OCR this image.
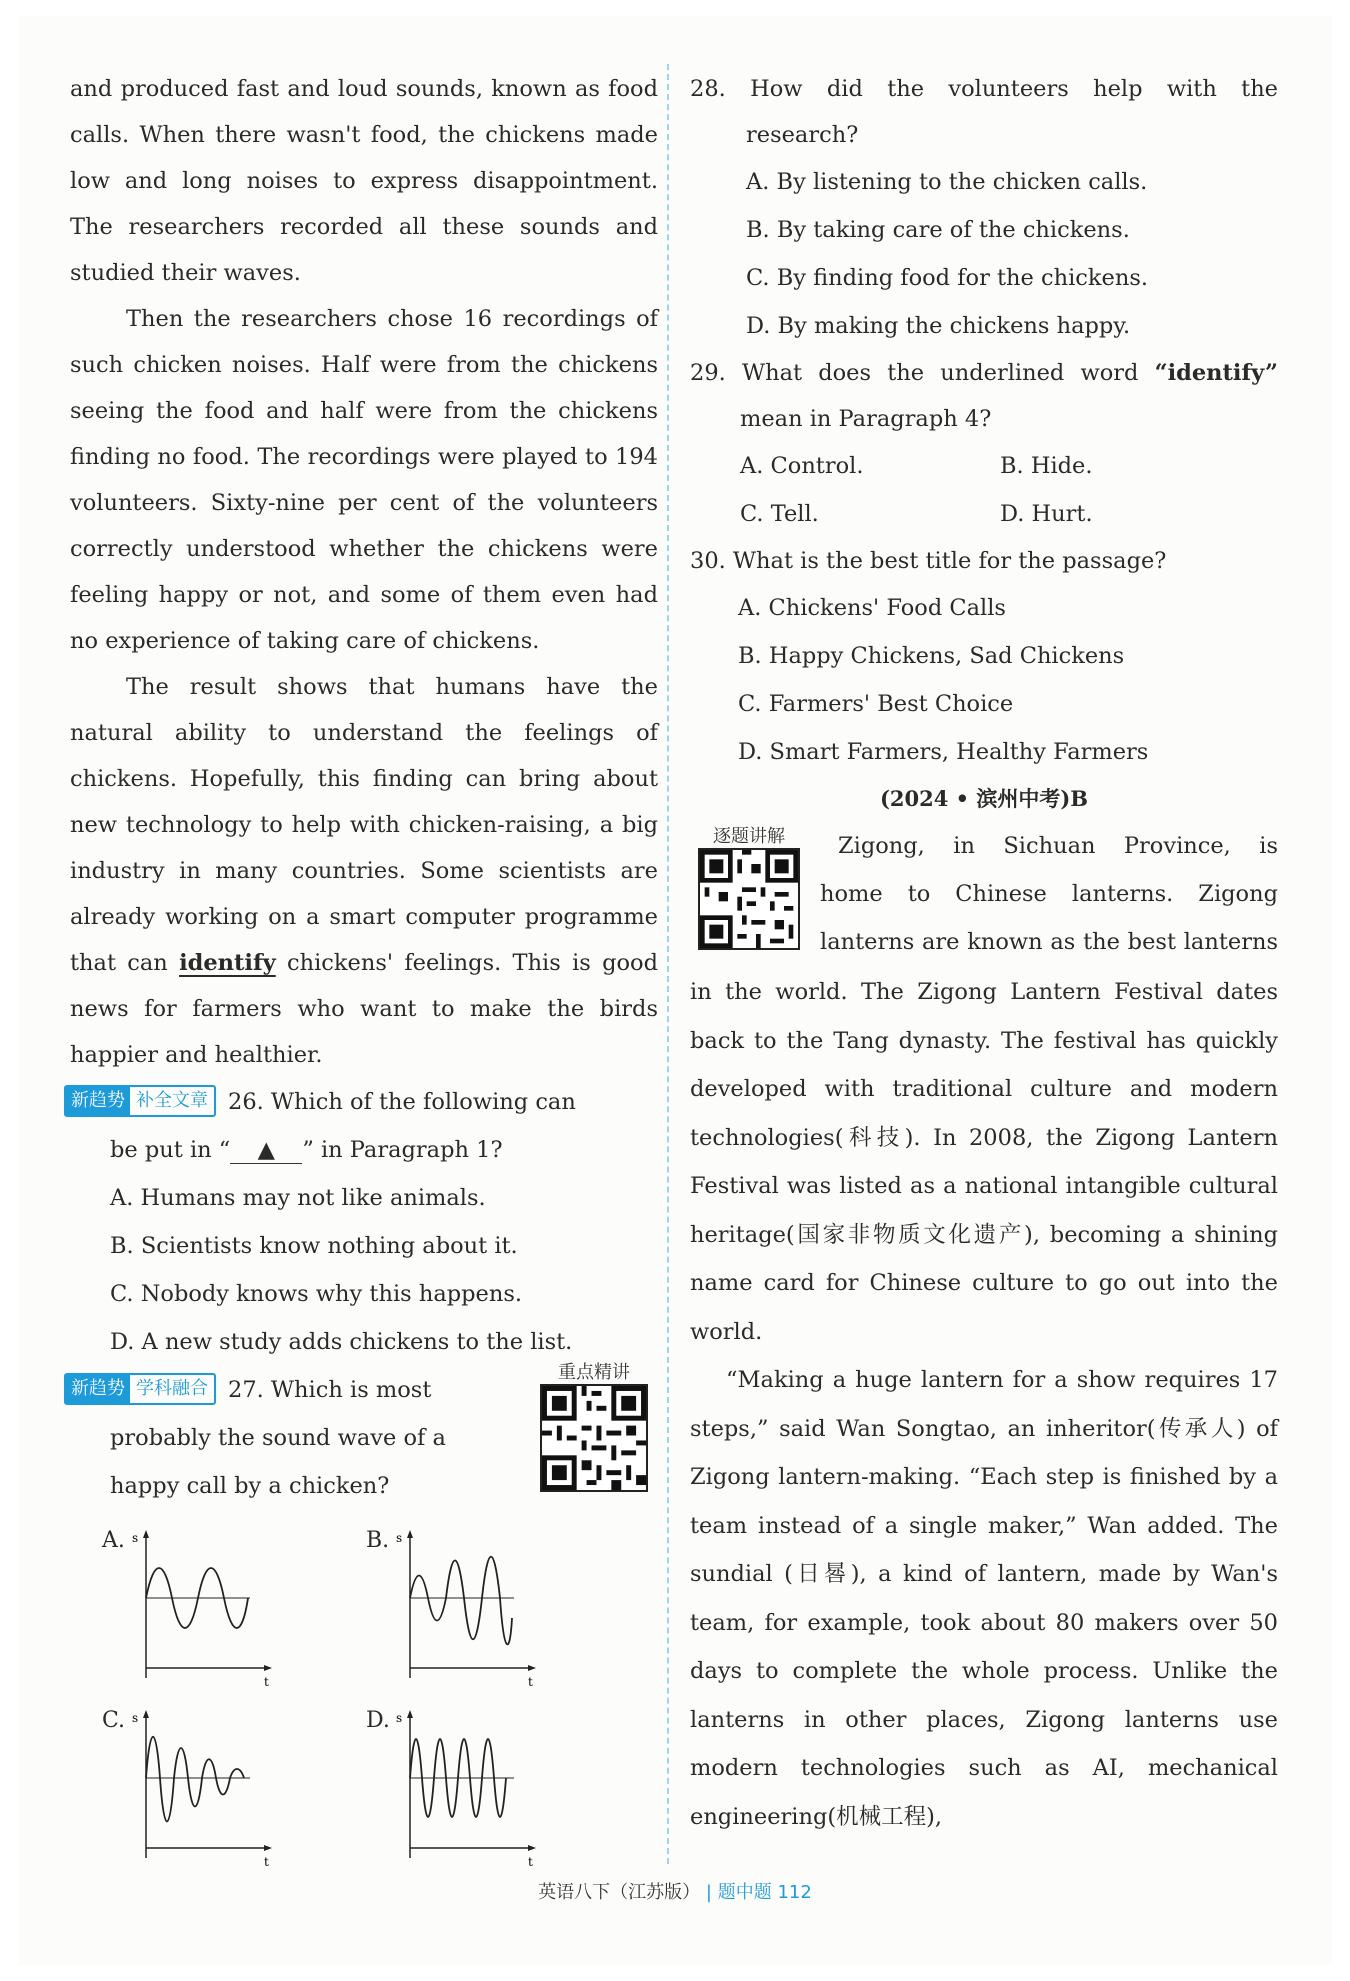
and produced fast and loud sounds, known as food calls. When there wasn't food, the chickens made low and long noises to express disappointment. The researchers recorded all these sounds and studied their waves.

Then the researchers chose 16 recordings of such chicken noises. Half were from the chickens seeing the food and half were from the chickens finding no food. The recordings were played to 194 volunteers. Sixty-nine per cent of the volunteers correctly understood whether the chickens were feeling happy or not, and some of them even had no experience of taking care of chickens.

The result shows that humans have the natural ability to understand the feelings of chickens. Hopefully, this finding can bring about new technology to help with chicken-raising, a big industry in many countries. Some scientists are already working on a smart computer programme that can identify chickens' feelings. This is good news for farmers who want to make the birds happier and healthier.

新趋势 补全文章 26. Which of the following can

be put in “ ▲ ” in Paragraph 1?

A. Humans may not like animals.

B. Scientists know nothing about it.

C. Nobody knows why this happens.

D. A new study adds chickens to the list.

新趋势 学科融合 27. Which is most

probably the sound wave of a

happy call by a chicken?

重点精讲
A. s
t
B. s
t
C. s
t
D. s
t

28. How did the volunteers help with the

research?

A. By listening to the chicken calls.

B. By taking care of the chickens.

C. By finding food for the chickens.

D. By making the chickens happy.

29. What does the underlined word “identify”

mean in Paragraph 4?

A. Control.	B. Hide.
C. Tell.	D. Hurt.

30. What is the best title for the passage?

A. Chickens' Food Calls

B. Happy Chickens, Sad Chickens

C. Farmers' Best Choice

D. Smart Farmers, Healthy Farmers

(2024 • 滨州中考)B

逐题讲解	Zigong, in Sichuan Province, is

home to Chinese lanterns. Zigong

lanterns are known as the best lanterns

in the world. The Zigong Lantern Festival dates back to the Tang dynasty. The festival has quickly developed with traditional culture and modern technologies(科技). In 2008, the Zigong Lantern Festival was listed as a national intangible cultural heritage(国家非物质文化遗产), becoming a shining name card for Chinese culture to go out into the world.

“Making a huge lantern for a show requires 17 steps,” said Wan Songtao, an inheritor(传承人) of Zigong lantern-making. “Each step is finished by a team instead of a single maker,” Wan added. The sundial (日晷), a kind of lantern, made by Wan's team, for example, took about 80 makers over 50 days to complete the whole process. Unlike the lanterns in other places, Zigong lanterns use modern technologies such as AI, mechanical engineering(机械工程),

英语八下（江苏版） | 题中题 112
